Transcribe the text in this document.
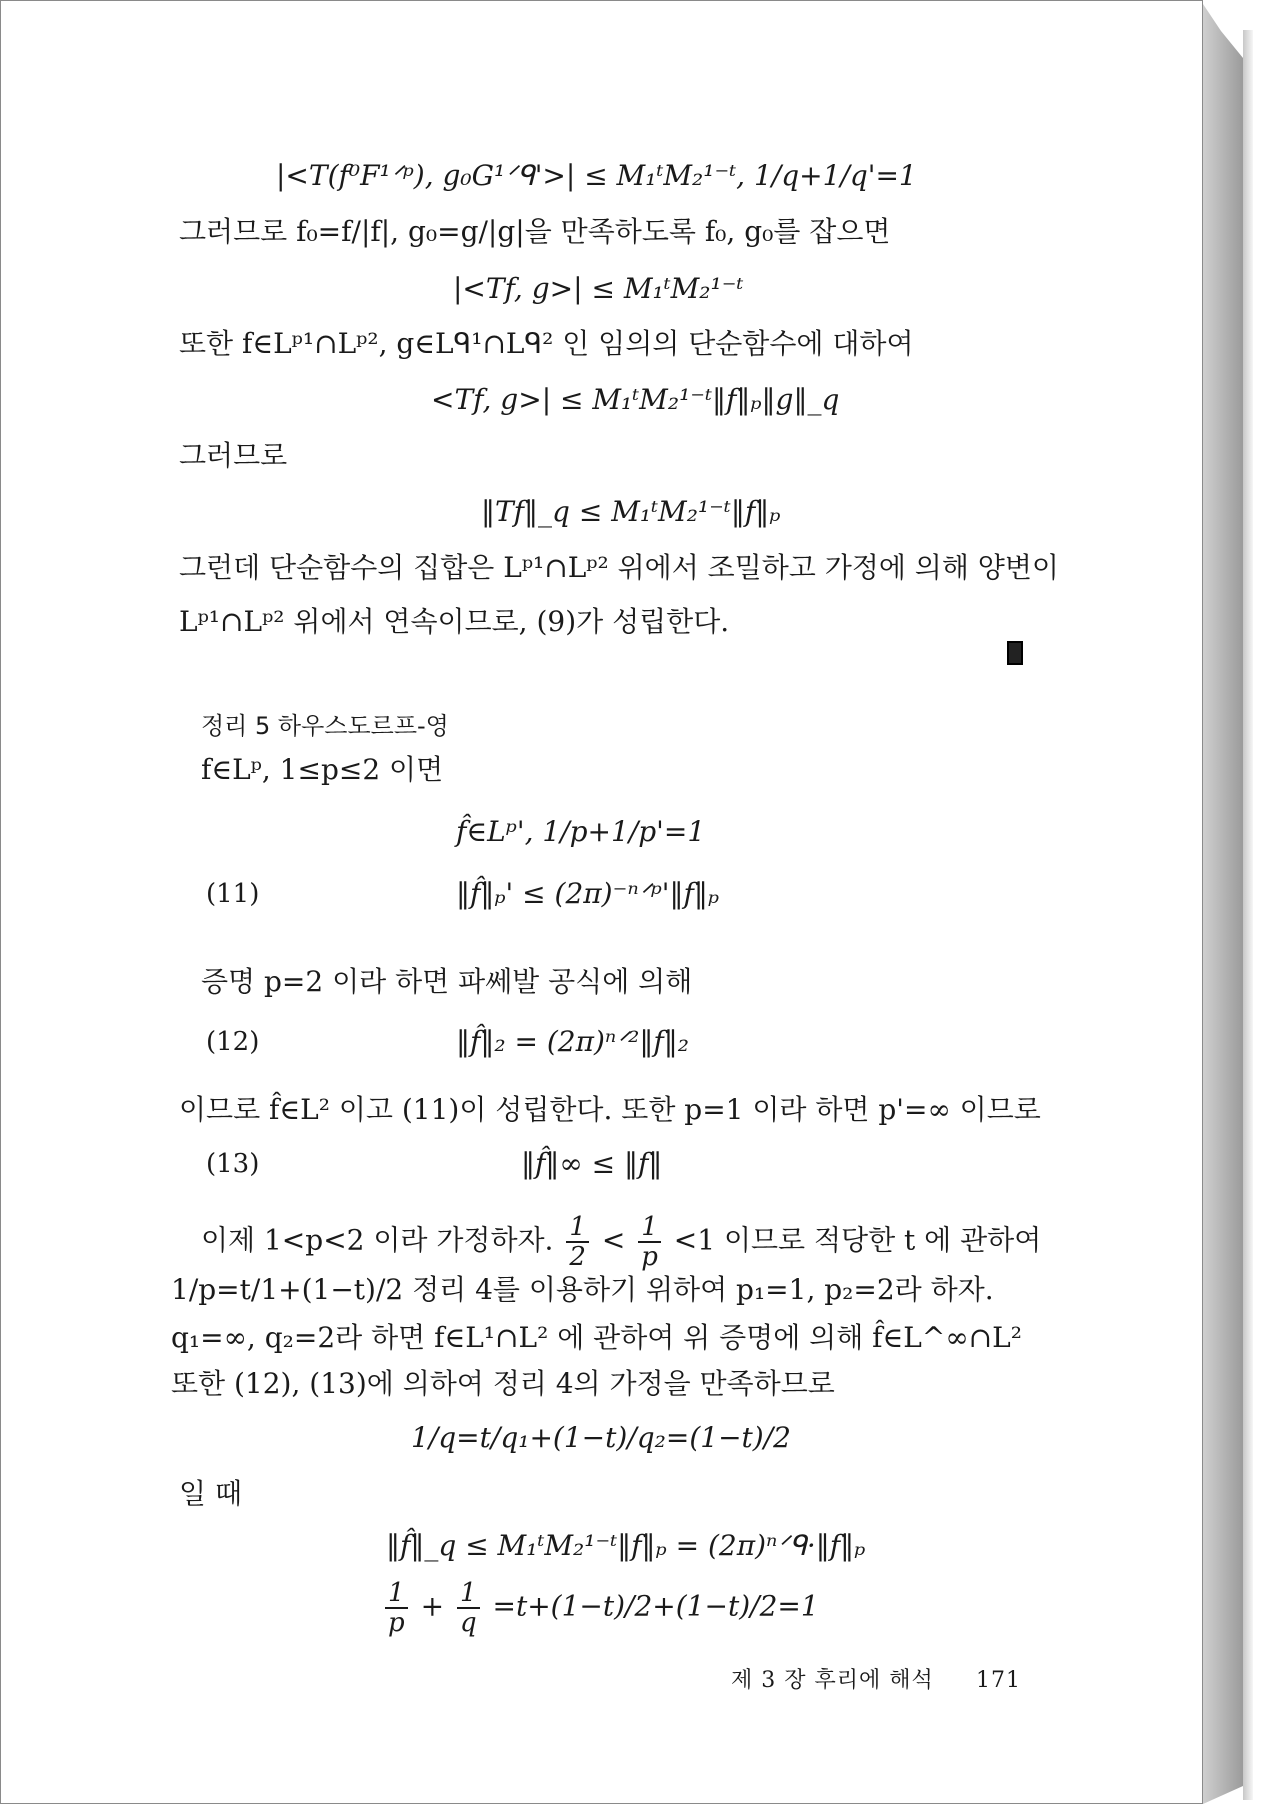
|<T(f⁰F¹ᐟᵖ), g₀G¹ᐟᑫ'>| ≤ M₁ᵗM₂¹⁻ᵗ, 1/q+1/q'=1
그러므로 f₀=f/|f|, g₀=g/|g|을 만족하도록 f₀, g₀를 잡으면
|<Tf, g>| ≤ M₁ᵗM₂¹⁻ᵗ
또한 f∈Lᵖ¹∩Lᵖ², g∈Lᑫ¹∩Lᑫ² 인 임의의 단순함수에 대하여
<Tf, g>| ≤ M₁ᵗM₂¹⁻ᵗ‖f‖ₚ‖g‖_q
그러므로
‖Tf‖_q ≤ M₁ᵗM₂¹⁻ᵗ‖f‖ₚ
그런데 단순함수의 집합은 Lᵖ¹∩Lᵖ² 위에서 조밀하고 가정에 의해 양변이
Lᵖ¹∩Lᵖ² 위에서 연속이므로, (9)가 성립한다.
정리 5 하우스도르프-영
f∈Lᵖ, 1≤p≤2 이면
f̂∈Lᵖ', 1/p+1/p'=1
(11)	‖f̂‖ₚ' ≤ (2π)⁻ⁿᐟᵖ'‖f‖ₚ
증명 p=2 이라 하면 파쎄발 공식에 의해
(12)	‖f̂‖₂ = (2π)ⁿᐟ²‖f‖₂
이므로 f̂∈L² 이고 (11)이 성립한다. 또한 p=1 이라 하면 p'=∞ 이므로
(13)	‖f̂‖∞ ≤ ‖f‖
이제 1<p<2 이라 가정하자. $\frac{1}{2} < \frac{1}{p} <1$ 이므로 적당한 t 에 관하여
1/p=t/1+(1−t)/2 정리 4를 이용하기 위하여 p₁=1, p₂=2라 하자.
q₁=∞, q₂=2라 하면 f∈L¹∩L² 에 관하여 위 증명에 의해 f̂∈L^∞∩L²
또한 (12), (13)에 의하여 정리 4의 가정을 만족하므로
1/q=t/q₁+(1−t)/q₂=(1−t)/2
일 때
‖f̂‖_q ≤ M₁ᵗM₂¹⁻ᵗ‖f‖ₚ = (2π)ⁿᐟᑫ·‖f‖ₚ
$\frac{1}{p} + \frac{1}{q} =t+(1-t)/2+(1-t)/2=1$
제 3 장 후리에 해석 171
